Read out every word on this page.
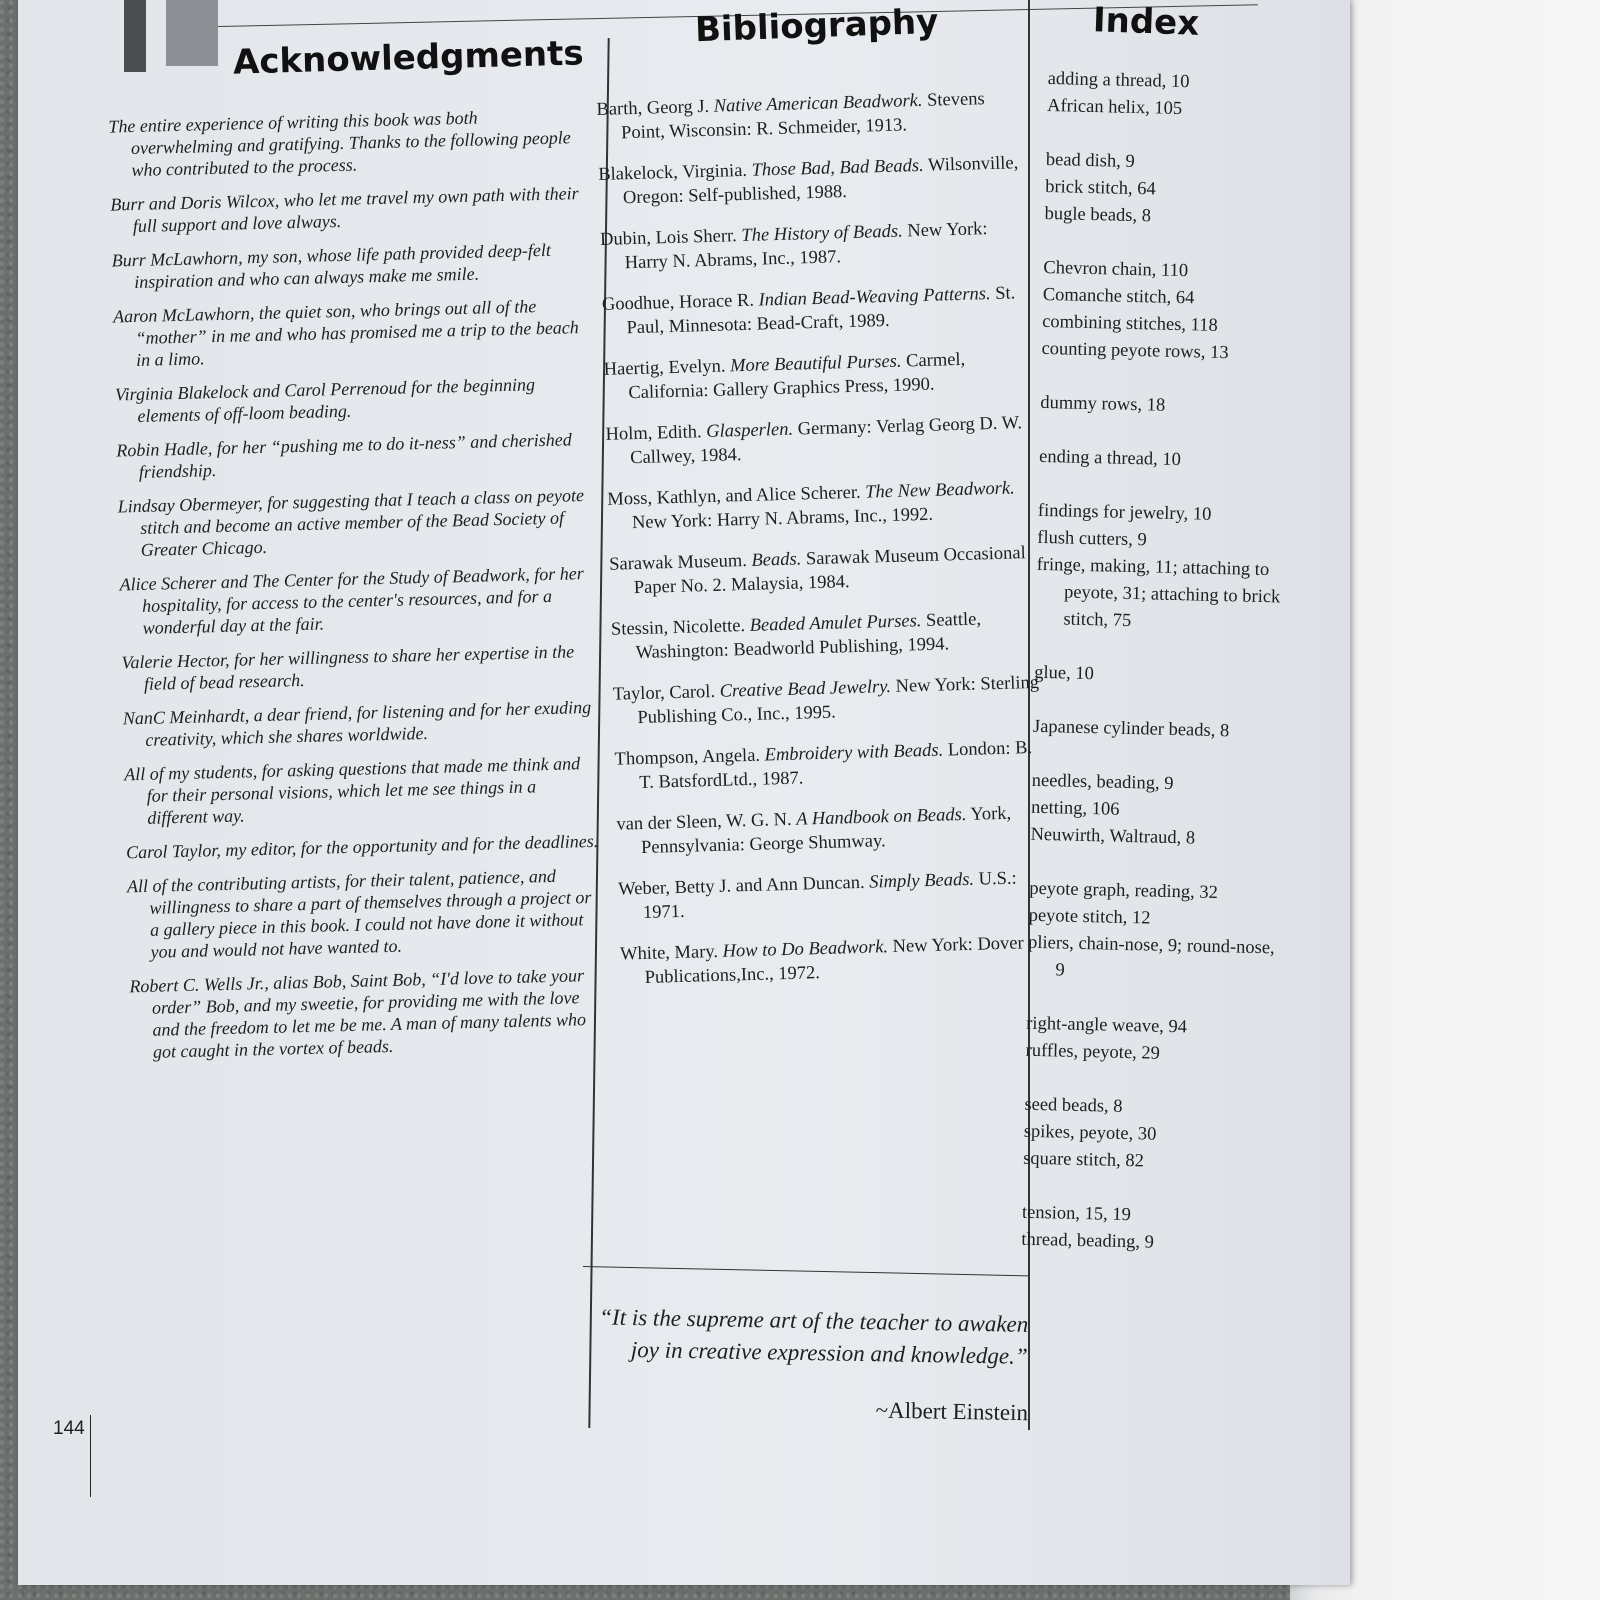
Acknowledgments
Bibliography	Index

The entire experience of writing this book was both overwhelming and gratifying. Thanks to the following people who contributed to the process.

Burr and Doris Wilcox, who let me travel my own path with their full support and love always.

Burr McLawhorn, my son, whose life path provided deep-felt inspiration and who can always make me smile.

Aaron McLawhorn, the quiet son, who brings out all of the “mother” in me and who has promised me a trip to the beach in a limo.

Virginia Blakelock and Carol Perrenoud for the beginning elements of off-loom beading.

Robin Hadle, for her “pushing me to do it-ness” and cherished friendship.

Lindsay Obermeyer, for suggesting that I teach a class on peyote stitch and become an active member of the Bead Society of Greater Chicago.

Alice Scherer and The Center for the Study of Beadwork, for her hospitality, for access to the center's resources, and for a wonderful day at the fair.

Valerie Hector, for her willingness to share her expertise in the field of bead research.

NanC Meinhardt, a dear friend, for listening and for her exuding creativity, which she shares worldwide.

All of my students, for asking questions that made me think and for their personal visions, which let me see things in a different way.

Carol Taylor, my editor, for the opportunity and for the deadlines.

All of the contributing artists, for their talent, patience, and willingness to share a part of themselves through a project or a gallery piece in this book. I could not have done it without you and would not have wanted to.

Robert C. Wells Jr., alias Bob, Saint Bob, “I'd love to take your order” Bob, and my sweetie, for providing me with the love and the freedom to let me be me. A man of many talents who got caught in the vortex of beads.

Barth, Georg J. Native American Beadwork. Stevens Point, Wisconsin: R. Schmeider, 1913.

Blakelock, Virginia. Those Bad, Bad Beads. Wilsonville, Oregon: Self-published, 1988.

Dubin, Lois Sherr. The History of Beads. New York: Harry N. Abrams, Inc., 1987.

Goodhue, Horace R. Indian Bead-Weaving Patterns. St. Paul, Minnesota: Bead-Craft, 1989.

Haertig, Evelyn. More Beautiful Purses. Carmel, California: Gallery Graphics Press, 1990.

Holm, Edith. Glasperlen. Germany: Verlag Georg D. W. Callwey, 1984.

Moss, Kathlyn, and Alice Scherer. The New Beadwork. New York: Harry N. Abrams, Inc., 1992.

Sarawak Museum. Beads. Sarawak Museum Occasional Paper No. 2. Malaysia, 1984.

Stessin, Nicolette. Beaded Amulet Purses. Seattle, Washington: Beadworld Publishing, 1994.

Taylor, Carol. Creative Bead Jewelry. New York: Sterling Publishing Co., Inc., 1995.

Thompson, Angela. Embroidery with Beads. London: B. T. BatsfordLtd., 1987.

van der Sleen, W. G. N. A Handbook on Beads. York, Pennsylvania: George Shumway.

Weber, Betty J. and Ann Duncan. Simply Beads. U.S.: 1971.

White, Mary. How to Do Beadwork. New York: Dover Publications,Inc., 1972.

adding a thread, 10
African helix, 105
bead dish, 9
brick stitch, 64
bugle beads, 8
Chevron chain, 110
Comanche stitch, 64
combining stitches, 118
counting peyote rows, 13
dummy rows, 18
ending a thread, 10
findings for jewelry, 10
flush cutters, 9
fringe, making, 11; attaching to peyote, 31; attaching to brick stitch, 75
glue, 10
Japanese cylinder beads, 8
needles, beading, 9
netting, 106
Neuwirth, Waltraud, 8
peyote graph, reading, 32
peyote stitch, 12
pliers, chain-nose, 9; round-nose, 9
right-angle weave, 94
ruffles, peyote, 29
seed beads, 8
spikes, peyote, 30
square stitch, 82
tension, 15, 19
thread, beading, 9
“It is the supreme art of the teacher to awaken joy in creative expression and knowledge.”
~Albert Einstein
144
